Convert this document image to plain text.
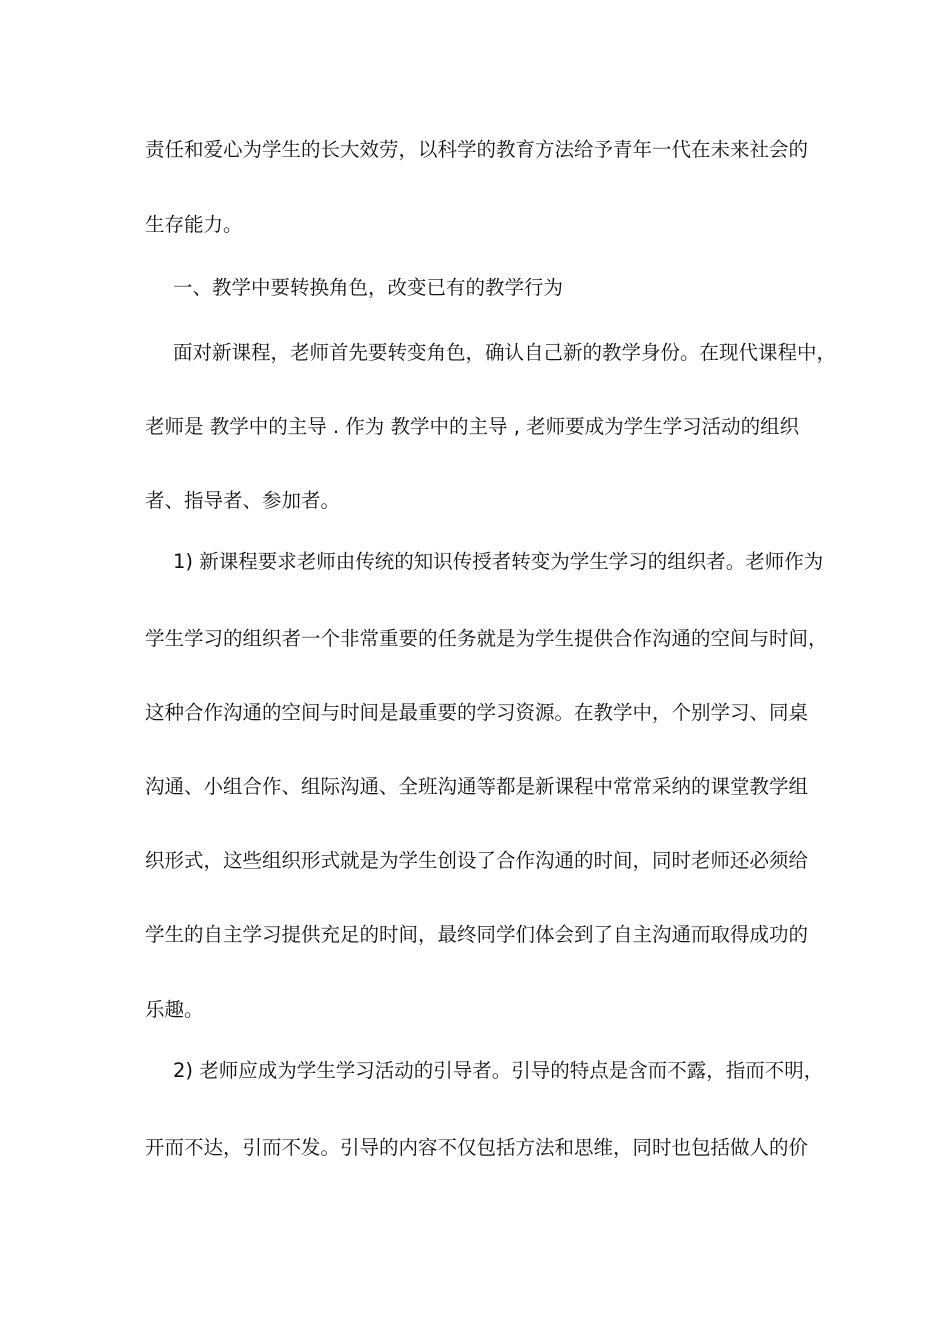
责任和爱心为学生的长大效劳，以科学的教育方法给予青年一代在未来社会的
生存能力。
一、教学中要转换角色，改变已有的教学行为
面对新课程，老师首先要转变角色，确认自己新的教学身份。在现代课程中，
老师是 教学中的主导 . 作为 教学中的主导 , 老师要成为学生学习活动的组织
者、指导者、参加者。
1) 新课程要求老师由传统的知识传授者转变为学生学习的组织者。老师作为
学生学习的组织者一个非常重要的任务就是为学生提供合作沟通的空间与时间，
这种合作沟通的空间与时间是最重要的学习资源。在教学中，个别学习、同桌
沟通、小组合作、组际沟通、全班沟通等都是新课程中常常采纳的课堂教学组
织形式，这些组织形式就是为学生创设了合作沟通的时间，同时老师还必须给
学生的自主学习提供充足的时间，最终同学们体会到了自主沟通而取得成功的
乐趣。
2) 老师应成为学生学习活动的引导者。引导的特点是含而不露，指而不明，
开而不达，引而不发。引导的内容不仅包括方法和思维，同时也包括做人的价
